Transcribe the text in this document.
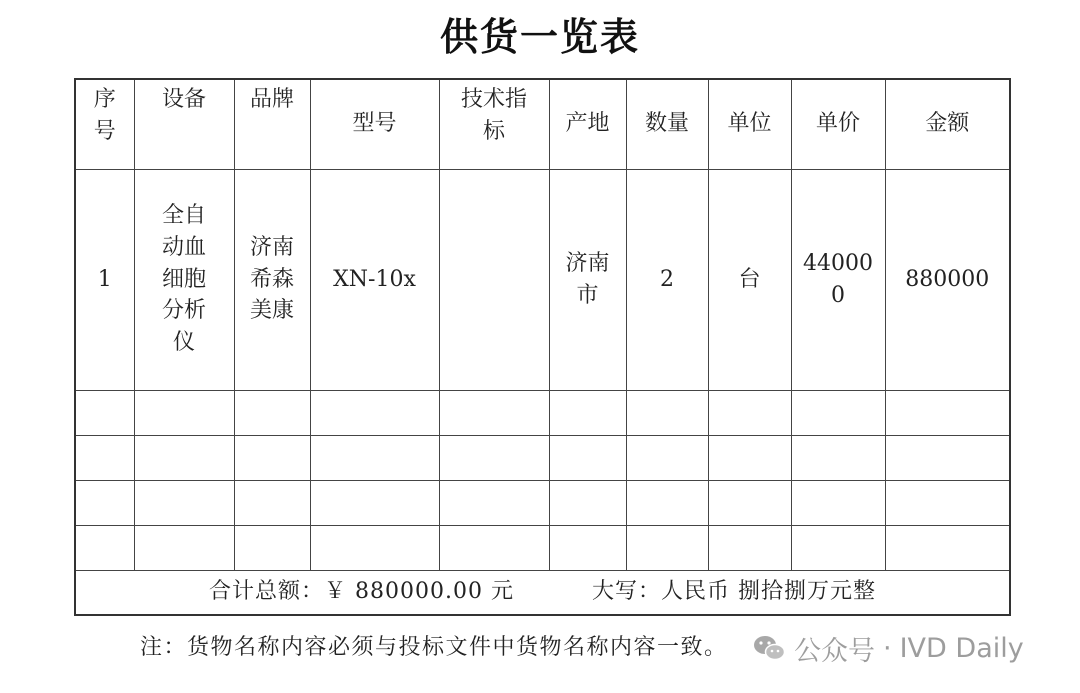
供货一览表
序号	设备	品牌	型号	技术指标	产地	数量	单位	单价	金额
1	全自动血细胞分析仪	济南希森美康	XN-10x		济南市	2	台	440000	880000

合计总额：￥ 880000.00 元 大写：人民币 捌拾捌万元整									
注：货物名称内容必须与投标文件中货物名称内容一致。 公众号 · IVD Daily
